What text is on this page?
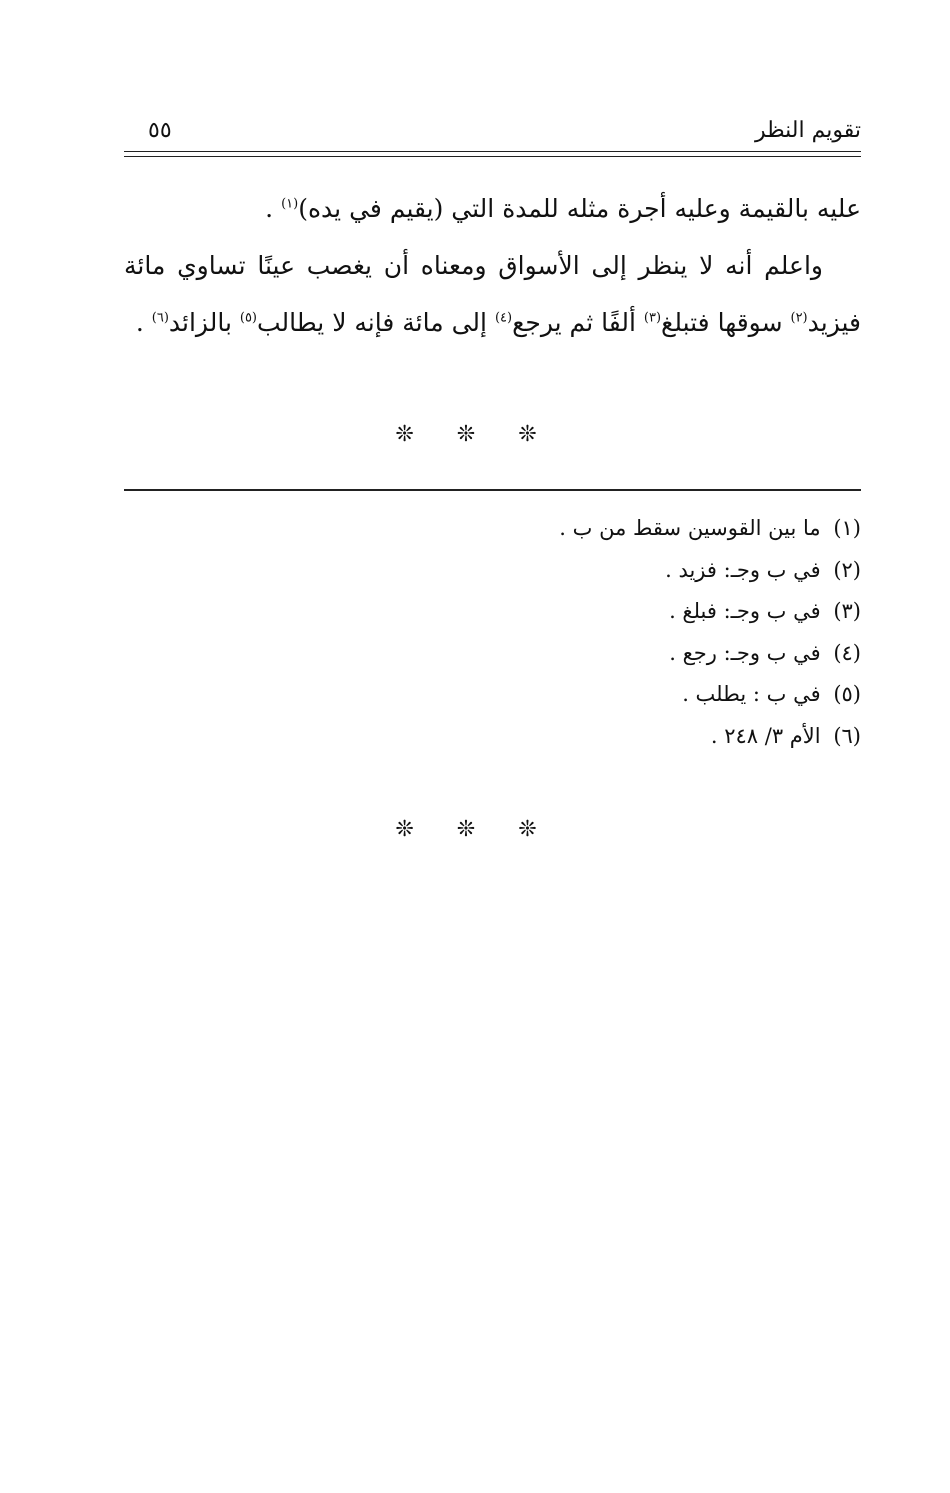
تقويم النظر
٥٥

عليه بالقيمة وعليه أجرة مثله للمدة التي (يقيم في يده)$^{(١)}$ .

واعلم أنه لا ينظر إلى الأسواق ومعناه أن يغصب عينًا تساوي مائة فيزيد$^{(٢)}$ سوقها فتبلغ$^{(٣)}$ ألفًا ثم يرجع$^{(٤)}$ إلى مائة فإنه لا يطالب$^{(٥)}$ بالزائد$^{(٦)}$ .

❊ ❊ ❊
(١) ما بين القوسين سقط من ب .
(٢) في ب وجـ: فزيد .
(٣) في ب وجـ: فبلغ .
(٤) في ب وجـ: رجع .
(٥) في ب : يطلب .
(٦) الأم ٣/ ٢٤٨ .
❊ ❊ ❊
